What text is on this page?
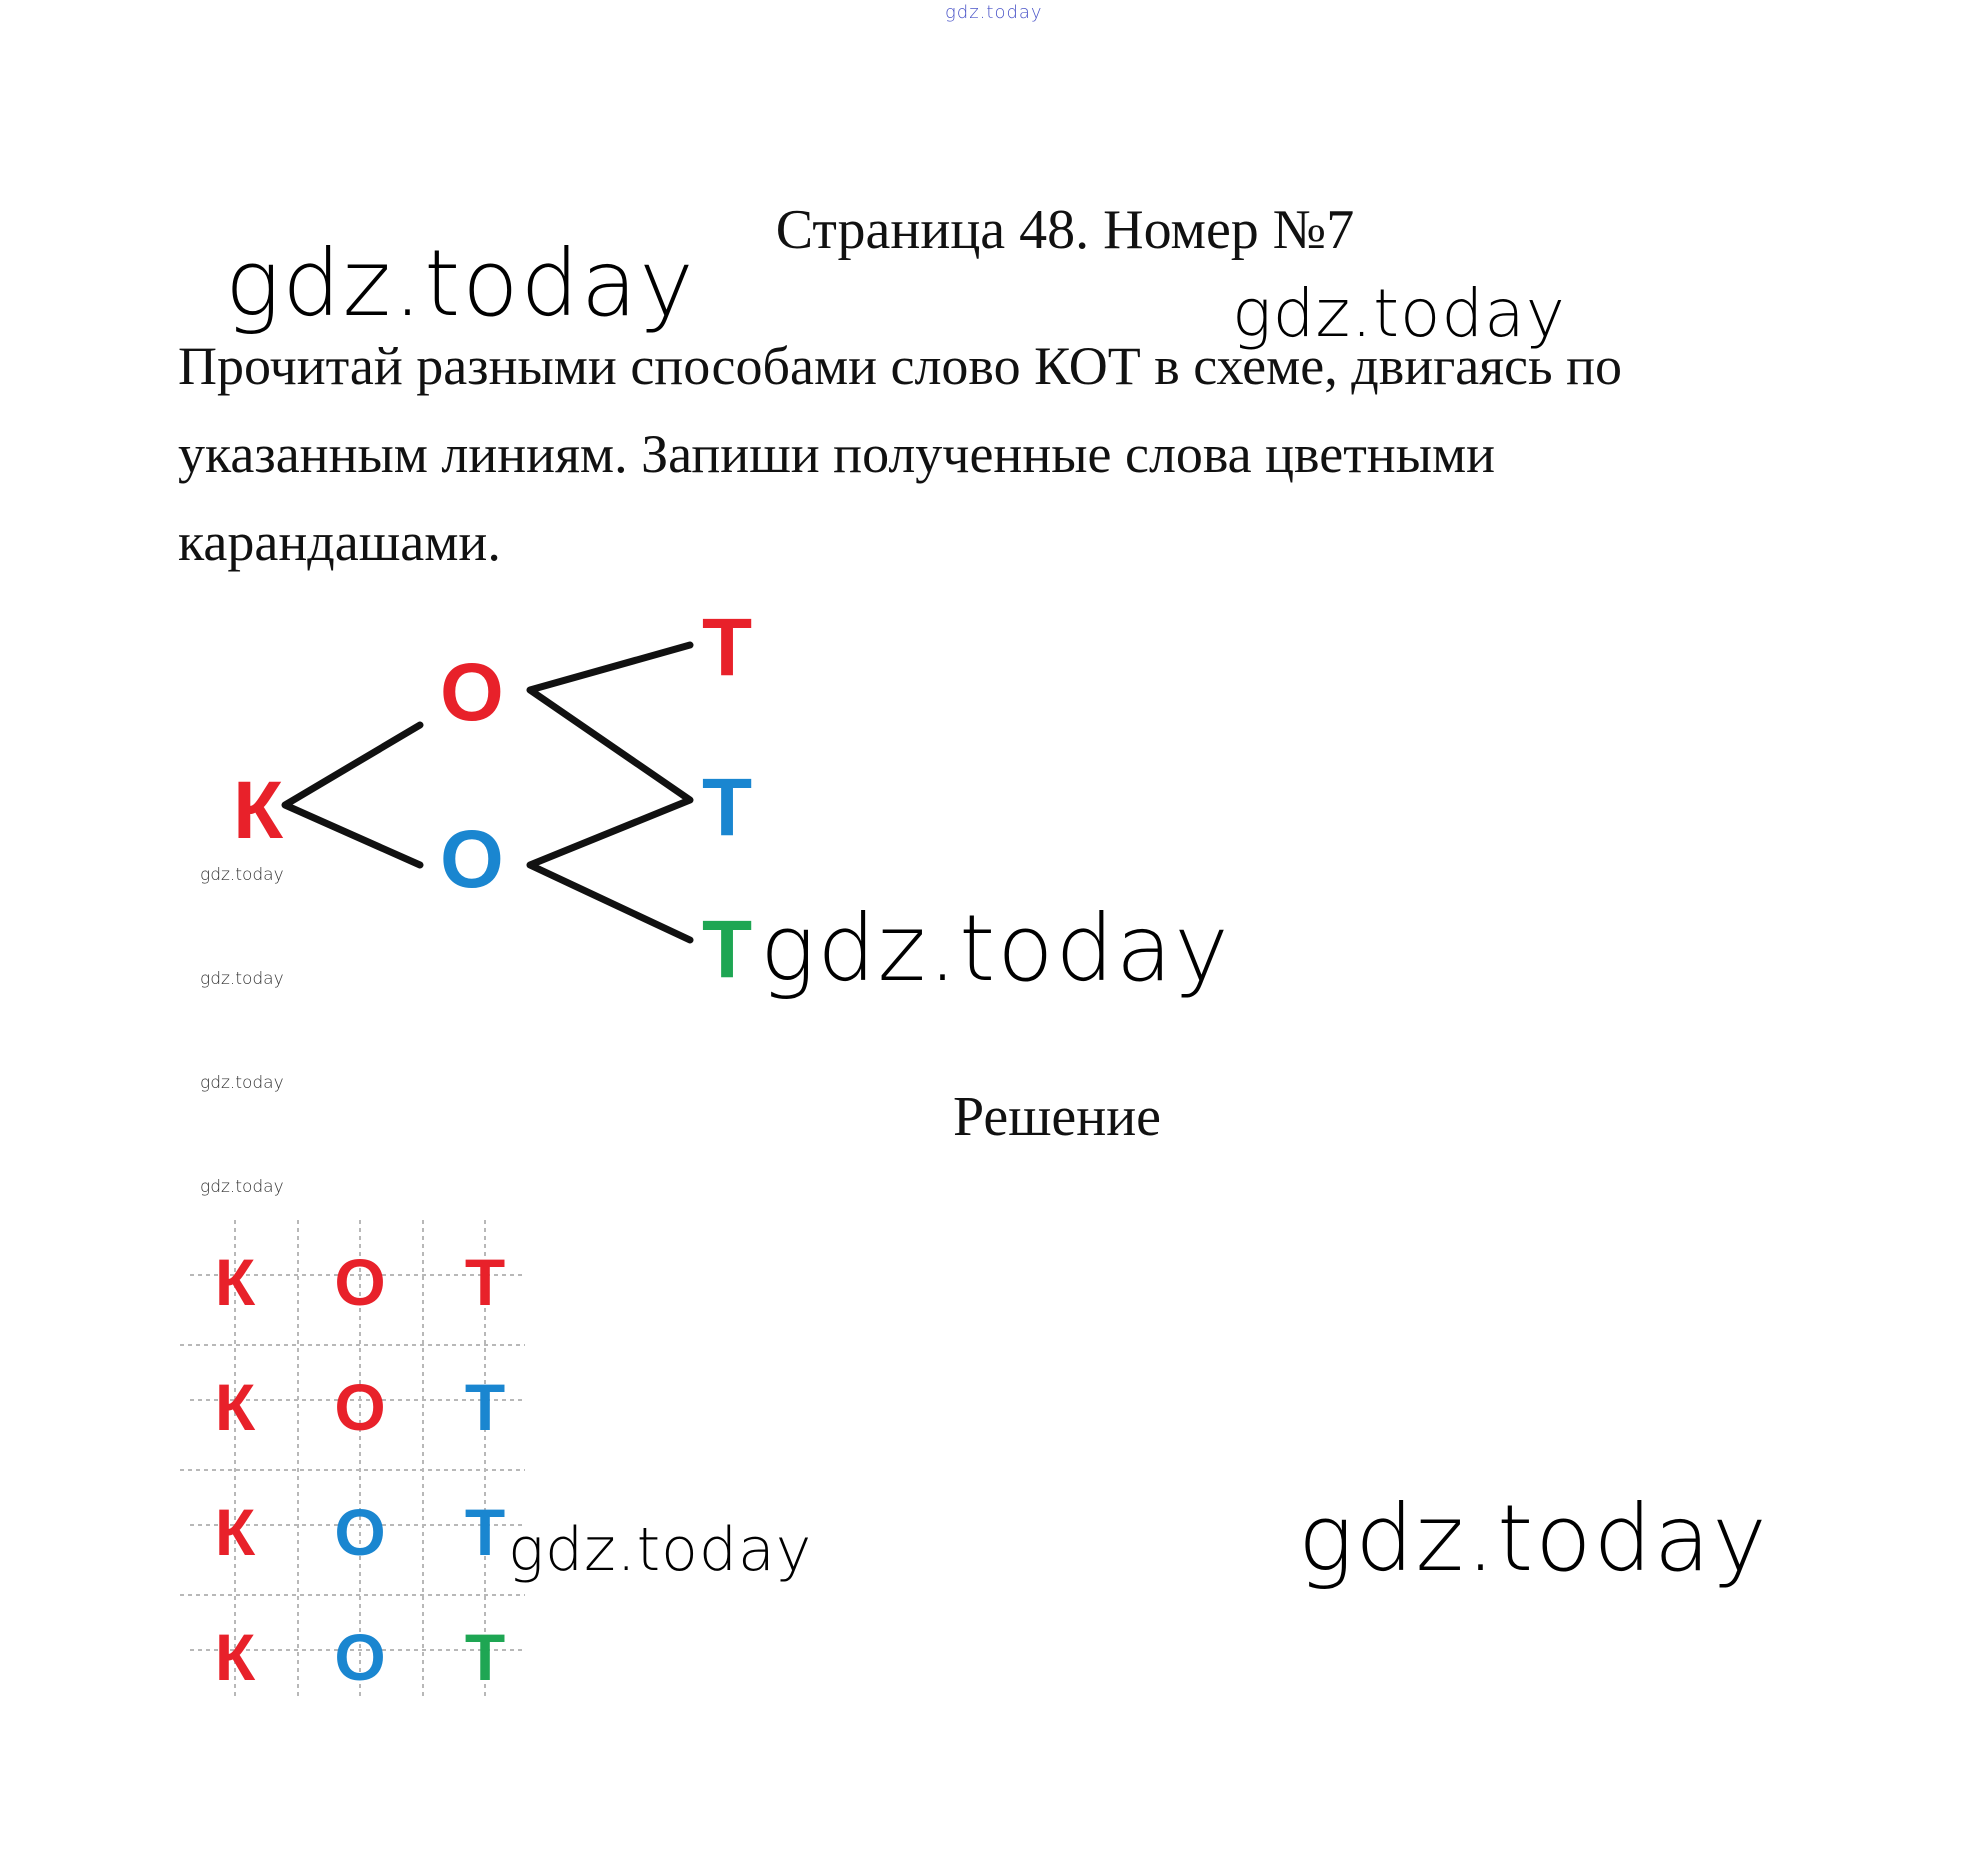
gdz.today
gdz.today	gdz.today
gdz.today
gdz.today	gdz.today
gdz.today
gdz.today
gdz.today
gdz.today
Страница 48. Номер №7
Прочитай разными способами слово КОТ в схеме, двигаясь по
указанным линиям. Запиши полученные слова цветными
карандашами.
К
О
О
Т
Т
Т
Решение
К О Т
К О Т
К О Т
К О Т
